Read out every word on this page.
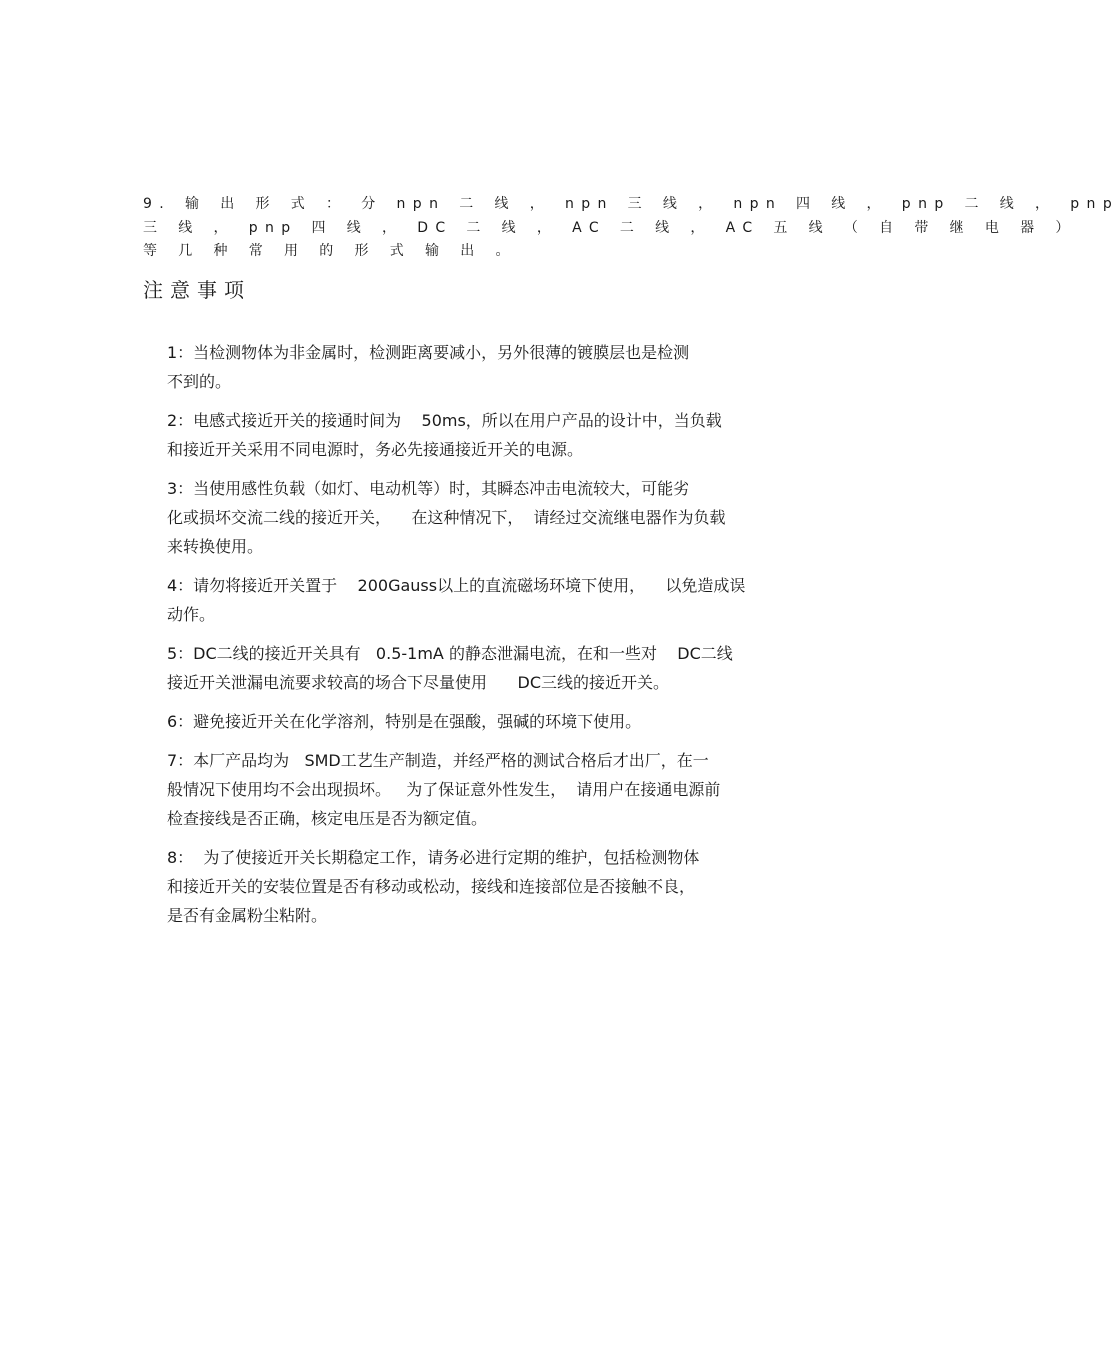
9. 输 出 形 式 ： 分 npn 二 线 ， npn 三 线 ， npn 四 线 ， pnp 二 线 ， pnp
三 线 ， pnp 四 线 ， DC 二 线 ， AC 二 线 ， AC 五 线 （ 自 带 继 电 器 ）
等 几 种 常 用 的 形 式 输 出 。
注意事项
1：当检测物体为非金属时，检测距离要减小，另外很薄的镀膜层也是检测
不到的。
2：电感式接近开关的接通时间为    50ms，所以在用户产品的设计中，当负载
和接近开关采用不同电源时，务必先接通接近开关的电源。
3：当使用感性负载（如灯、电动机等）时，其瞬态冲击电流较大，可能劣
化或损坏交流二线的接近开关，    在这种情况下，  请经过交流继电器作为负载
来转换使用。
4：请勿将接近开关置于    200Gauss以上的直流磁场环境下使用，    以免造成误
动作。
5：DC二线的接近开关具有   0.5-1mA 的静态泄漏电流，在和一些对    DC二线
接近开关泄漏电流要求较高的场合下尽量使用      DC三线的接近开关。
6：避免接近开关在化学溶剂，特别是在强酸，强碱的环境下使用。
7：本厂产品均为   SMD工艺生产制造，并经严格的测试合格后才出厂，在一
般情况下使用均不会出现损坏。   为了保证意外性发生，  请用户在接通电源前
检查接线是否正确，核定电压是否为额定值。
8：  为了使接近开关长期稳定工作，请务必进行定期的维护，包括检测物体
和接近开关的安装位置是否有移动或松动，接线和连接部位是否接触不良，
是否有金属粉尘粘附。
